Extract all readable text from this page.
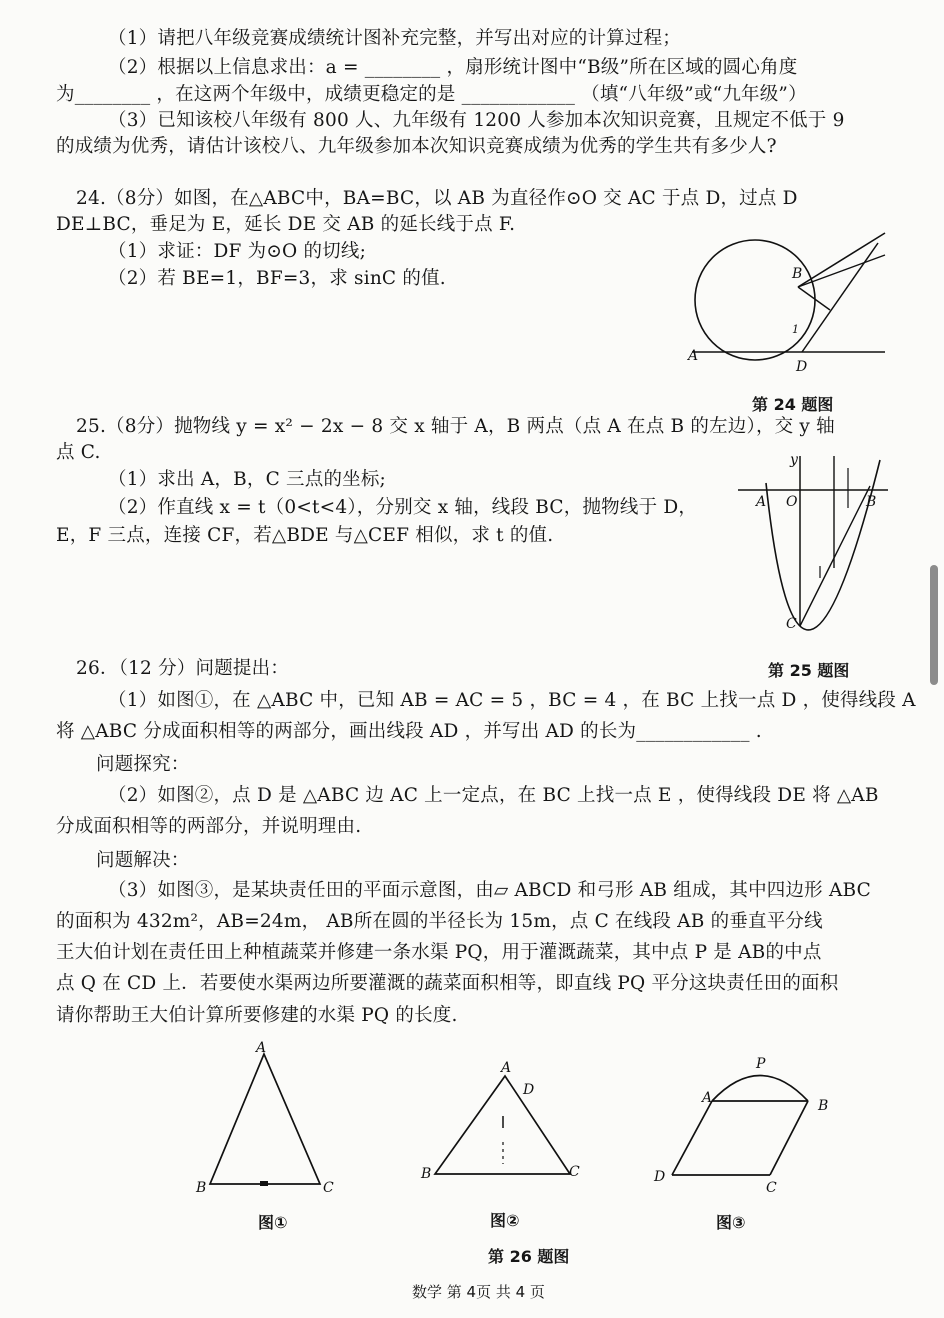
（1）请把八年级竞赛成绩统计图补充完整，并写出对应的计算过程；
（2）根据以上信息求出：a = ________ ，扇形统计图中“B级”所在区域的圆心角度
为________ ，在这两个年级中，成绩更稳定的是 ____________ （填“八年级”或“九年级”）
（3）已知该校八年级有 800 人、九年级有 1200 人参加本次知识竞赛，且规定不低于 9
的成绩为优秀，请估计该校八、九年级参加本次知识竞赛成绩为优秀的学生共有多少人?
24.（8分）如图，在△ABC中，BA=BC，以 AB 为直径作⊙O 交 AC 于点 D，过点 D
DE⊥BC，垂足为 E，延长 DE 交 AB 的延长线于点 F.
（1）求证：DF 为⊙O 的切线;
（2）若 BE=1，BF=3，求 sinC 的值.
25.（8分）抛物线 y = x² − 2x − 8 交 x 轴于 A，B 两点（点 A 在点 B 的左边），交 y 轴
点 C.
（1）求出 A，B，C 三点的坐标;
（2）作直线 x = t（0<t<4），分别交 x 轴，线段 BC，抛物线于 D，
E，F 三点，连接 CF，若△BDE 与△CEF 相似，求 t 的值.
26．（12 分）问题提出：
（1）如图①，在 △ABC 中，已知 AB = AC = 5 ，BC = 4 ，在 BC 上找一点 D ，使得线段 A
将 △ABC 分成面积相等的两部分，画出线段 AD ，并写出 AD 的长为____________ .
问题探究：
（2）如图②，点 D 是 △ABC 边 AC 上一定点，在 BC 上找一点 E ，使得线段 DE 将 △AB
分成面积相等的两部分，并说明理由.
问题解决：
（3）如图③，是某块责任田的平面示意图，由▱ ABCD 和弓形 AB 组成，其中四边形 ABC
的面积为 432m²，AB=24m， AB所在圆的半径长为 15m，点 C 在线段 AB 的垂直平分线
王大伯计划在责任田上种植蔬菜并修建一条水渠 PQ，用于灌溉蔬菜，其中点 P 是 AB的中点
点 Q 在 CD 上．若要使水渠两边所要灌溉的蔬菜面积相等，即直线 PQ 平分这块责任田的面积
请你帮助王大伯计算所要修建的水渠 PQ 的长度.
B
A
D
1
第 24 题图
y
A O	B
C
第 25 题图
A
B	C
图①
A
D
B	C
图②
P
A	B
D
C
图③
第 26 题图
数学 第 4页 共 4 页
